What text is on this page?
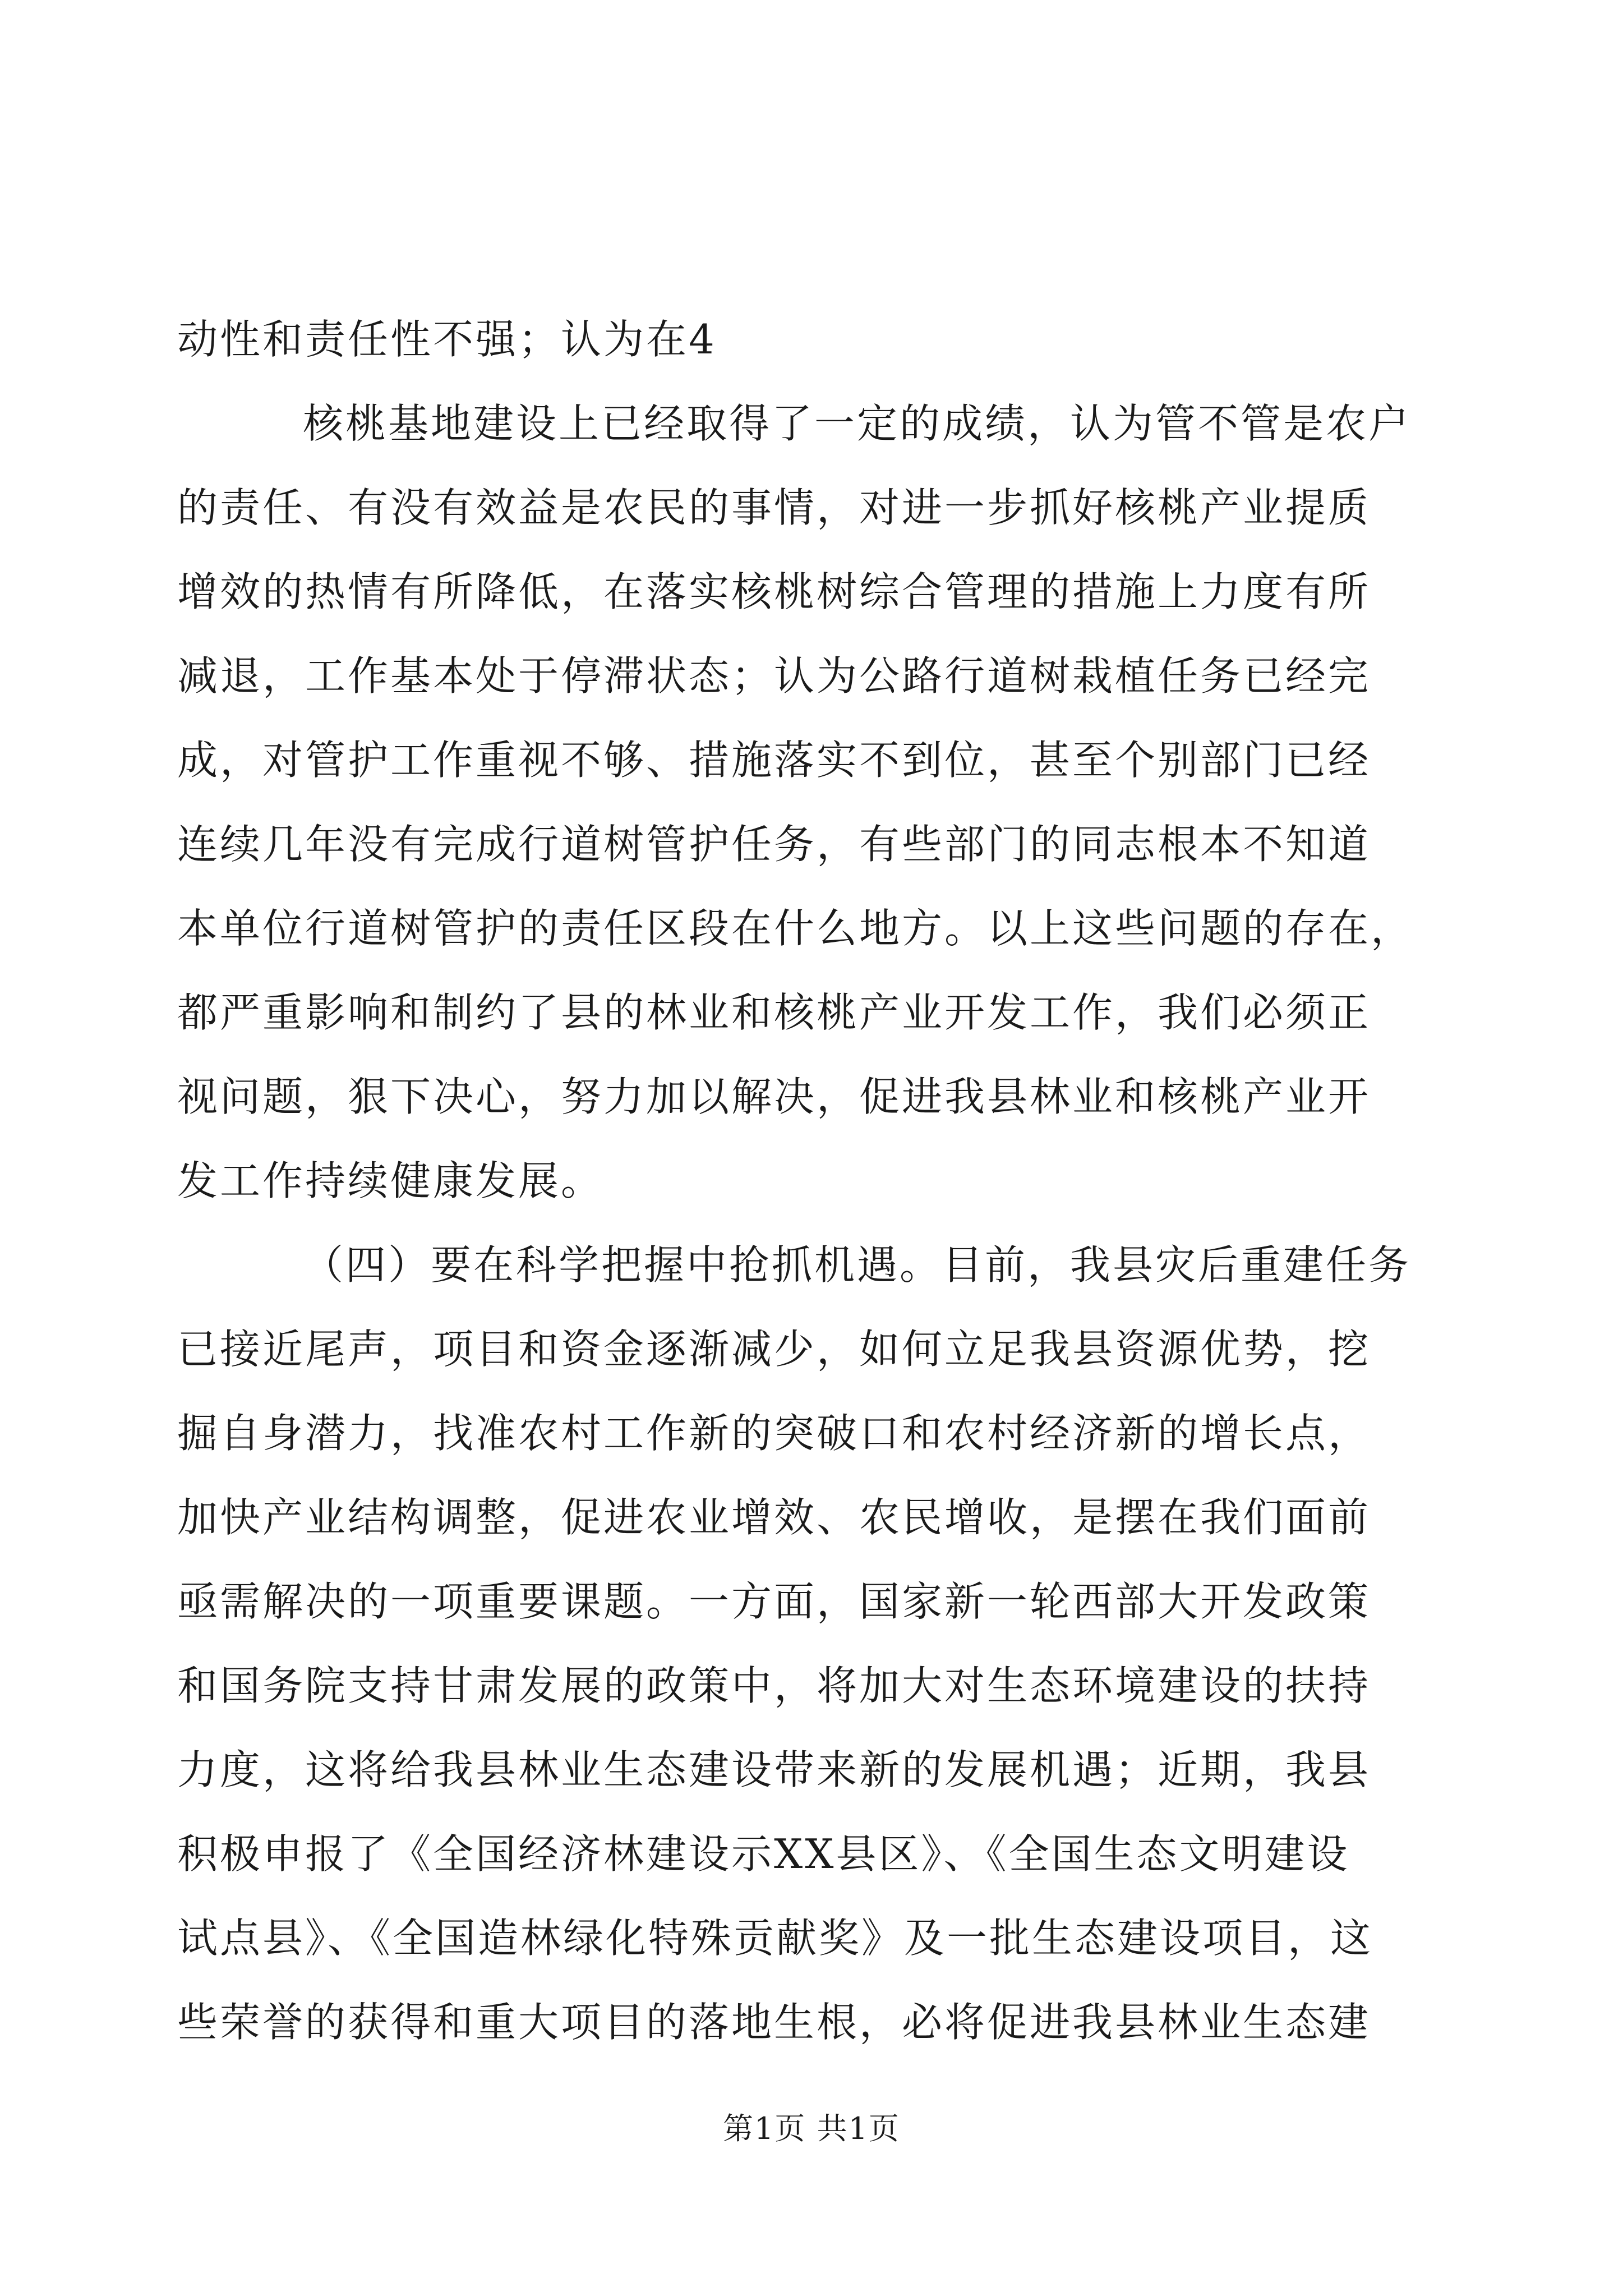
动性和责任性不强；认为在4
核桃基地建设上已经取得了一定的成绩，认为管不管是农户
的责任、有没有效益是农民的事情，对进一步抓好核桃产业提质
增效的热情有所降低，在落实核桃树综合管理的措施上力度有所
减退，工作基本处于停滞状态；认为公路行道树栽植任务已经完
成，对管护工作重视不够、措施落实不到位，甚至个别部门已经
连续几年没有完成行道树管护任务，有些部门的同志根本不知道
本单位行道树管护的责任区段在什么地方。以上这些问题的存在，
都严重影响和制约了县的林业和核桃产业开发工作，我们必须正
视问题，狠下决心，努力加以解决，促进我县林业和核桃产业开
发工作持续健康发展。
（四）要在科学把握中抢抓机遇。目前，我县灾后重建任务
已接近尾声，项目和资金逐渐减少，如何立足我县资源优势，挖
掘自身潜力，找准农村工作新的突破口和农村经济新的增长点，
加快产业结构调整，促进农业增效、农民增收，是摆在我们面前
亟需解决的一项重要课题。一方面，国家新一轮西部大开发政策
和国务院支持甘肃发展的政策中，将加大对生态环境建设的扶持
力度，这将给我县林业生态建设带来新的发展机遇；近期，我县
积极申报了《全国经济林建设示XX县区》、《全国生态文明建设
试点县》、《全国造林绿化特殊贡献奖》及一批生态建设项目，这
些荣誉的获得和重大项目的落地生根，必将促进我县林业生态建
第1页 共1页
